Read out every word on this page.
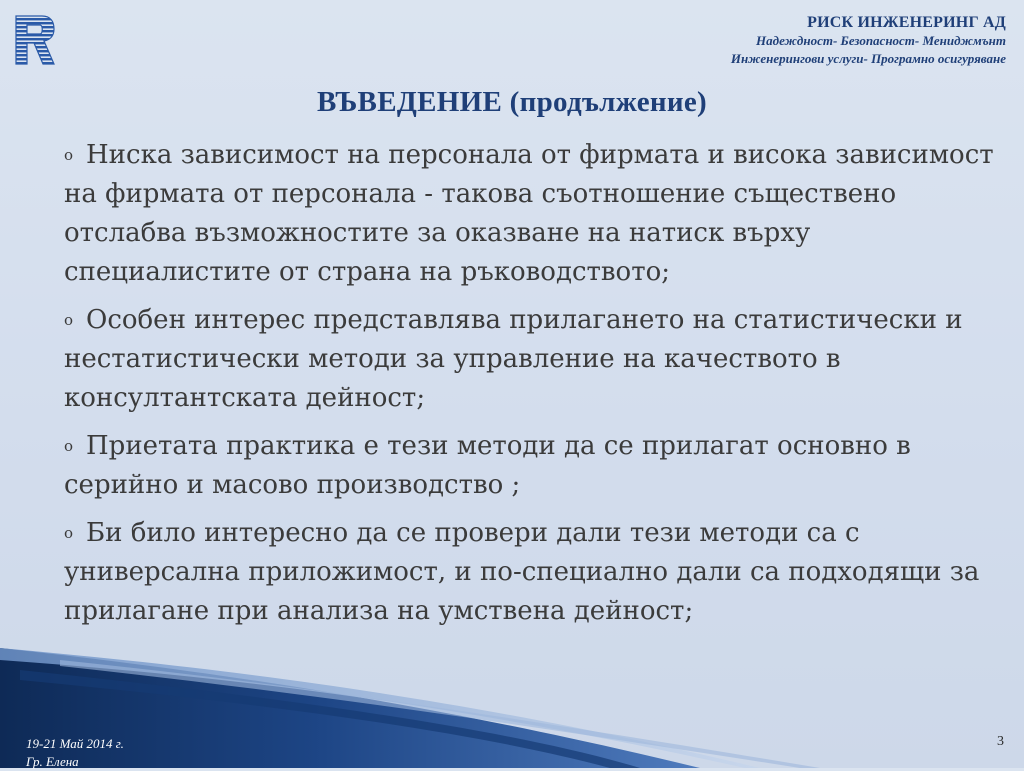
РИСК ИНЖЕНЕРИНГ АД
Надеждност- Безопасност- Мениджмънт
Инженерингови услуги- Програмно осигуряване
ВЪВЕДЕНИЕ (продължение)
o Ниска зависимост на персонала от фирмата и висока зависимост на фирмата от персонала - такова съотношение съществено отслабва възможностите за оказване на натиск върху специалистите от страна на ръководството;
o Особен интерес представлява прилагането на статистически и нестатистически методи за управление на качеството в консултантската дейност;
o Приетата практика е тези методи да се прилагат основно в серийно и масово производство ;
o Би било интересно да се провери дали тези методи са с универсална приложимост, и по-специално дали са подходящи за прилагане при анализа на умствена дейност;
19-21 Май 2014 г.
Гр. Елена
3
